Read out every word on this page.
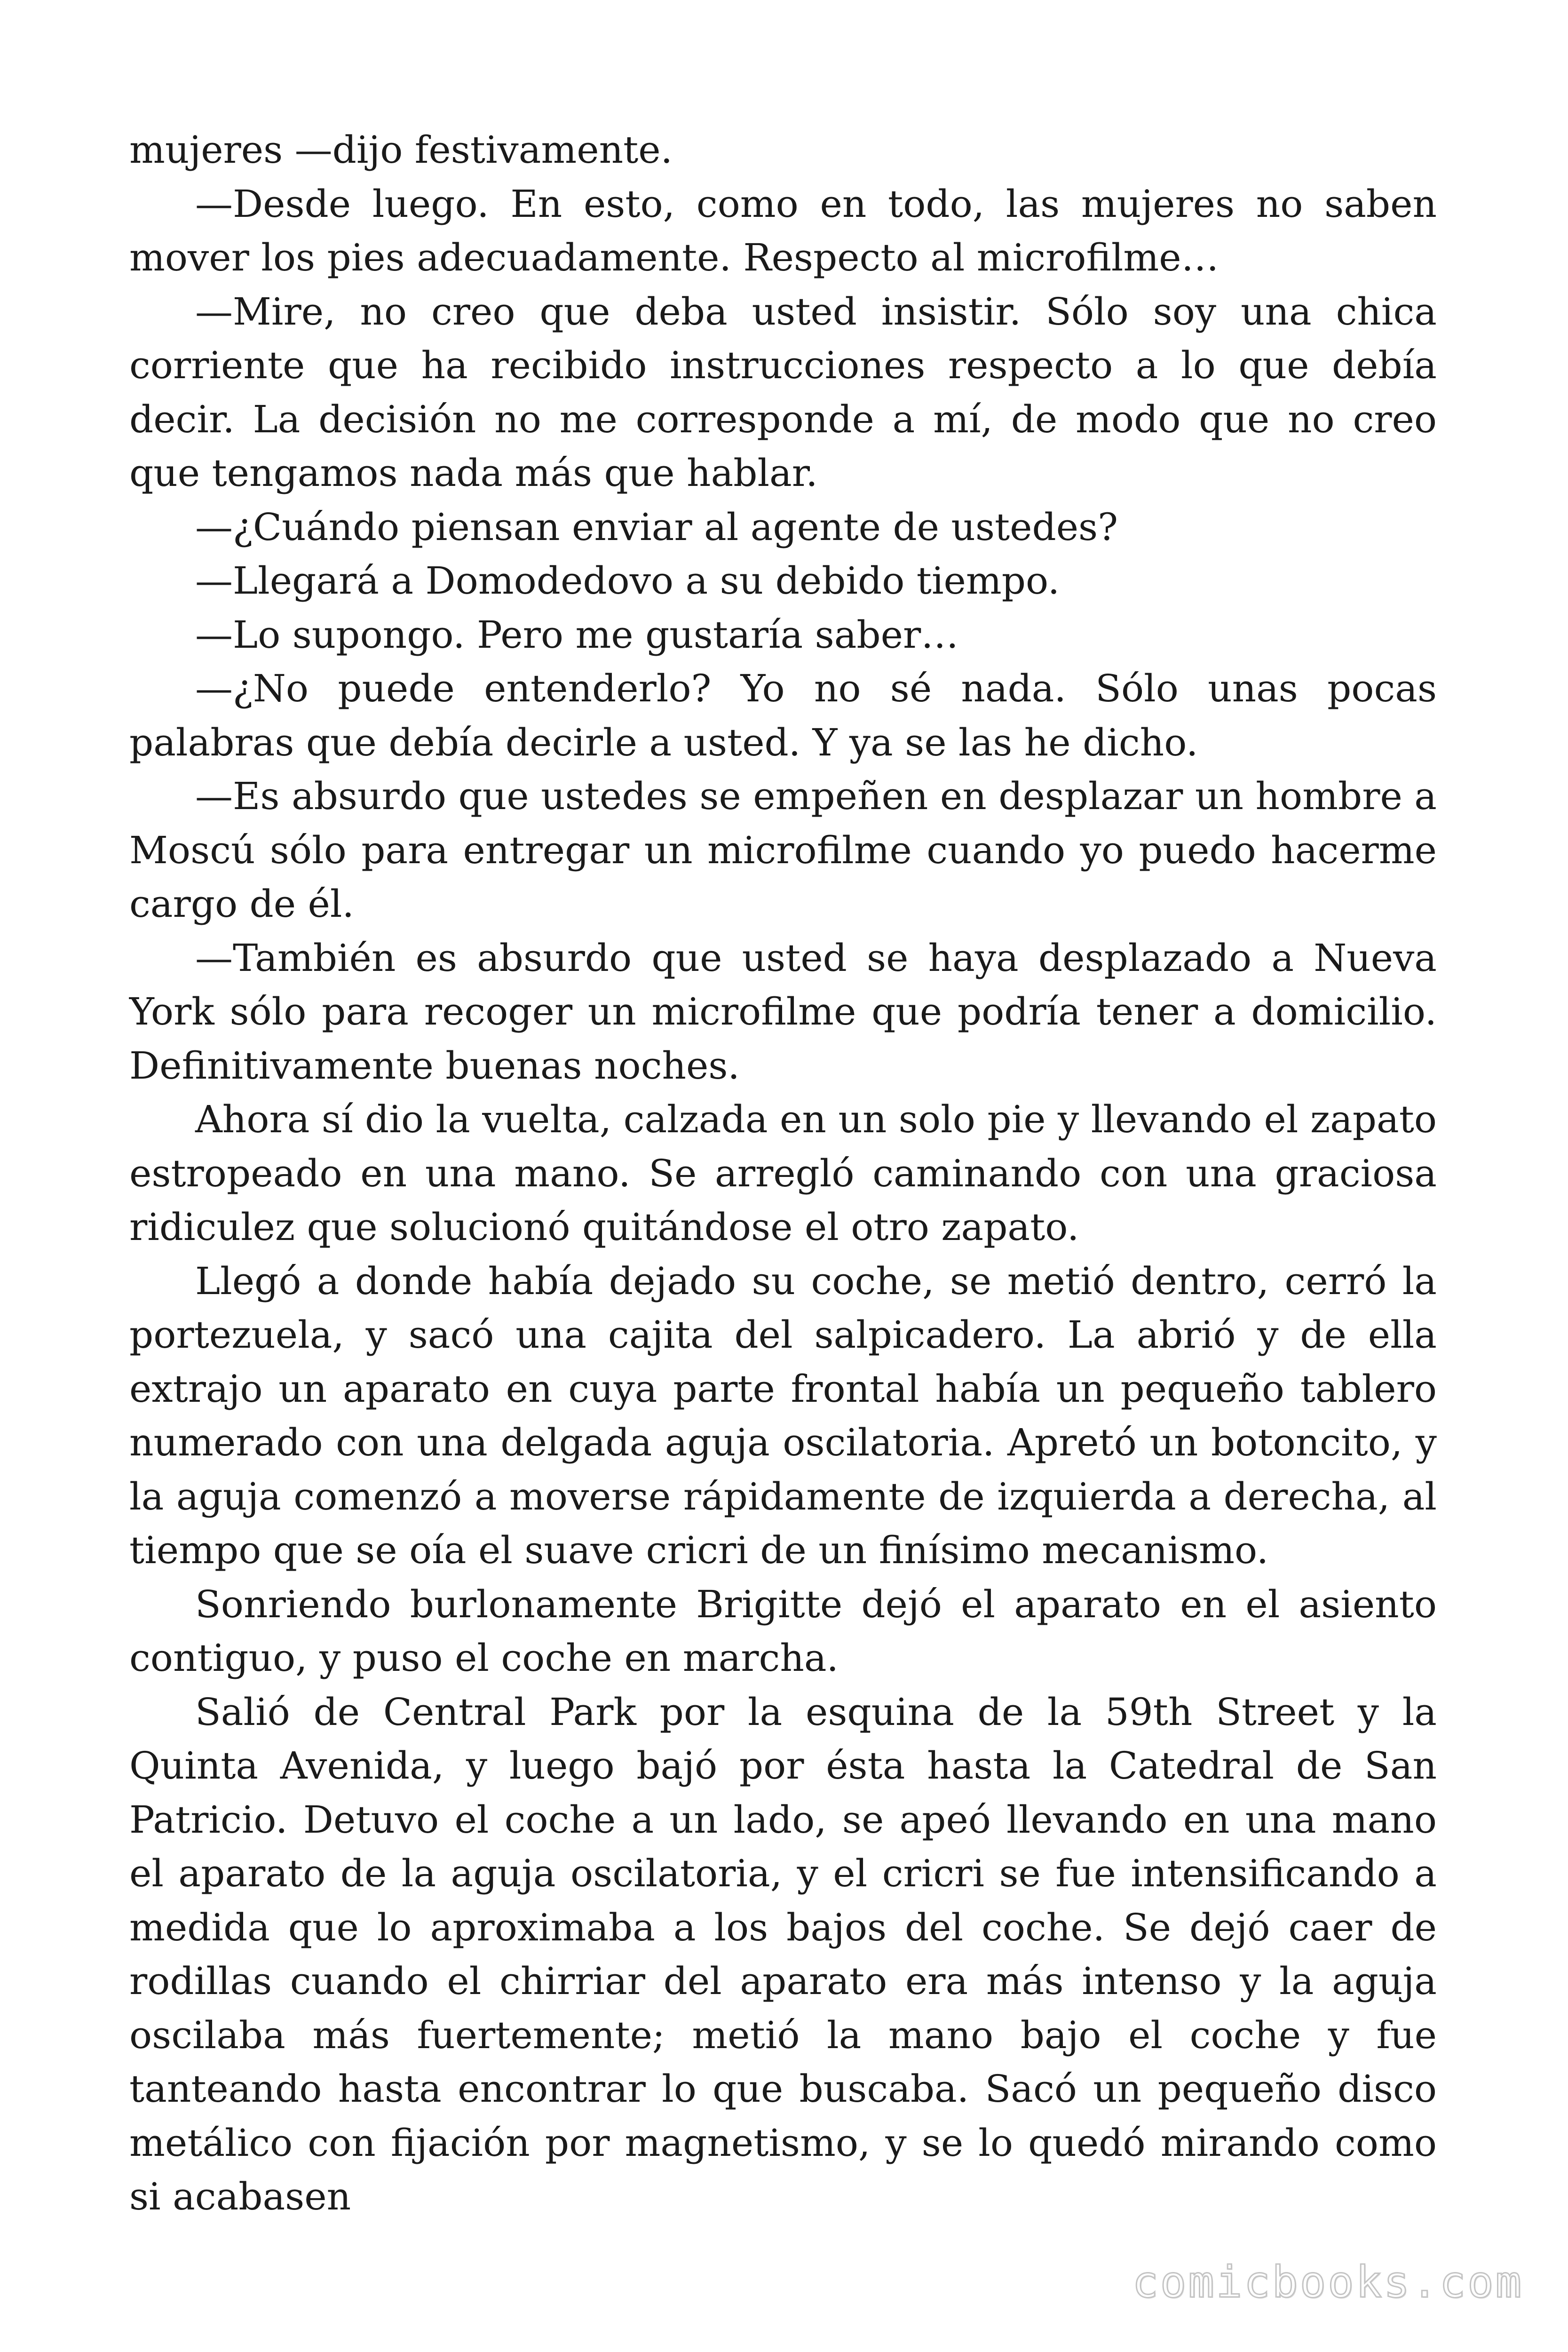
mujeres —dijo festivamente.

—Desde luego. En esto, como en todo, las mujeres no saben mover los pies adecuadamente. Respecto al microfilme…

—Mire, no creo que deba usted insistir. Sólo soy una chica corriente que ha recibido instrucciones respecto a lo que debía decir. La decisión no me corresponde a mí, de modo que no creo que tengamos nada más que hablar.

—¿Cuándo piensan enviar al agente de ustedes?

—Llegará a Domodedovo a su debido tiempo.

—Lo supongo. Pero me gustaría saber…

—¿No puede entenderlo? Yo no sé nada. Sólo unas pocas palabras que debía decirle a usted. Y ya se las he dicho.

—Es absurdo que ustedes se empeñen en desplazar un hombre a Moscú sólo para entregar un microfilme cuando yo puedo hacerme cargo de él.

—También es absurdo que usted se haya desplazado a Nueva York sólo para recoger un microfilme que podría tener a domicilio. Definitivamente buenas noches.

Ahora sí dio la vuelta, calzada en un solo pie y llevando el zapato estropeado en una mano. Se arregló caminando con una graciosa ridiculez que solucionó quitándose el otro zapato.

Llegó a donde había dejado su coche, se metió dentro, cerró la portezuela, y sacó una cajita del salpicadero. La abrió y de ella extrajo un aparato en cuya parte frontal había un pequeño tablero numerado con una delgada aguja oscilatoria. Apretó un botoncito, y la aguja comenzó a moverse rápidamente de izquierda a derecha, al tiempo que se oía el suave cricri de un finísimo mecanismo.

Sonriendo burlonamente Brigitte dejó el aparato en el asiento contiguo, y puso el coche en marcha.

Salió de Central Park por la esquina de la 59th Street y la Quinta Avenida, y luego bajó por ésta hasta la Catedral de San Patricio. Detuvo el coche a un lado, se apeó llevando en una mano el aparato de la aguja oscilatoria, y el cricri se fue intensificando a medida que lo aproximaba a los bajos del coche. Se dejó caer de rodillas cuando el chirriar del aparato era más intenso y la aguja oscilaba más fuertemente; metió la mano bajo el coche y fue tanteando hasta encontrar lo que buscaba. Sacó un pequeño disco metálico con fijación por magnetismo, y se lo quedó mirando como si acabasen

comicbooks.com
